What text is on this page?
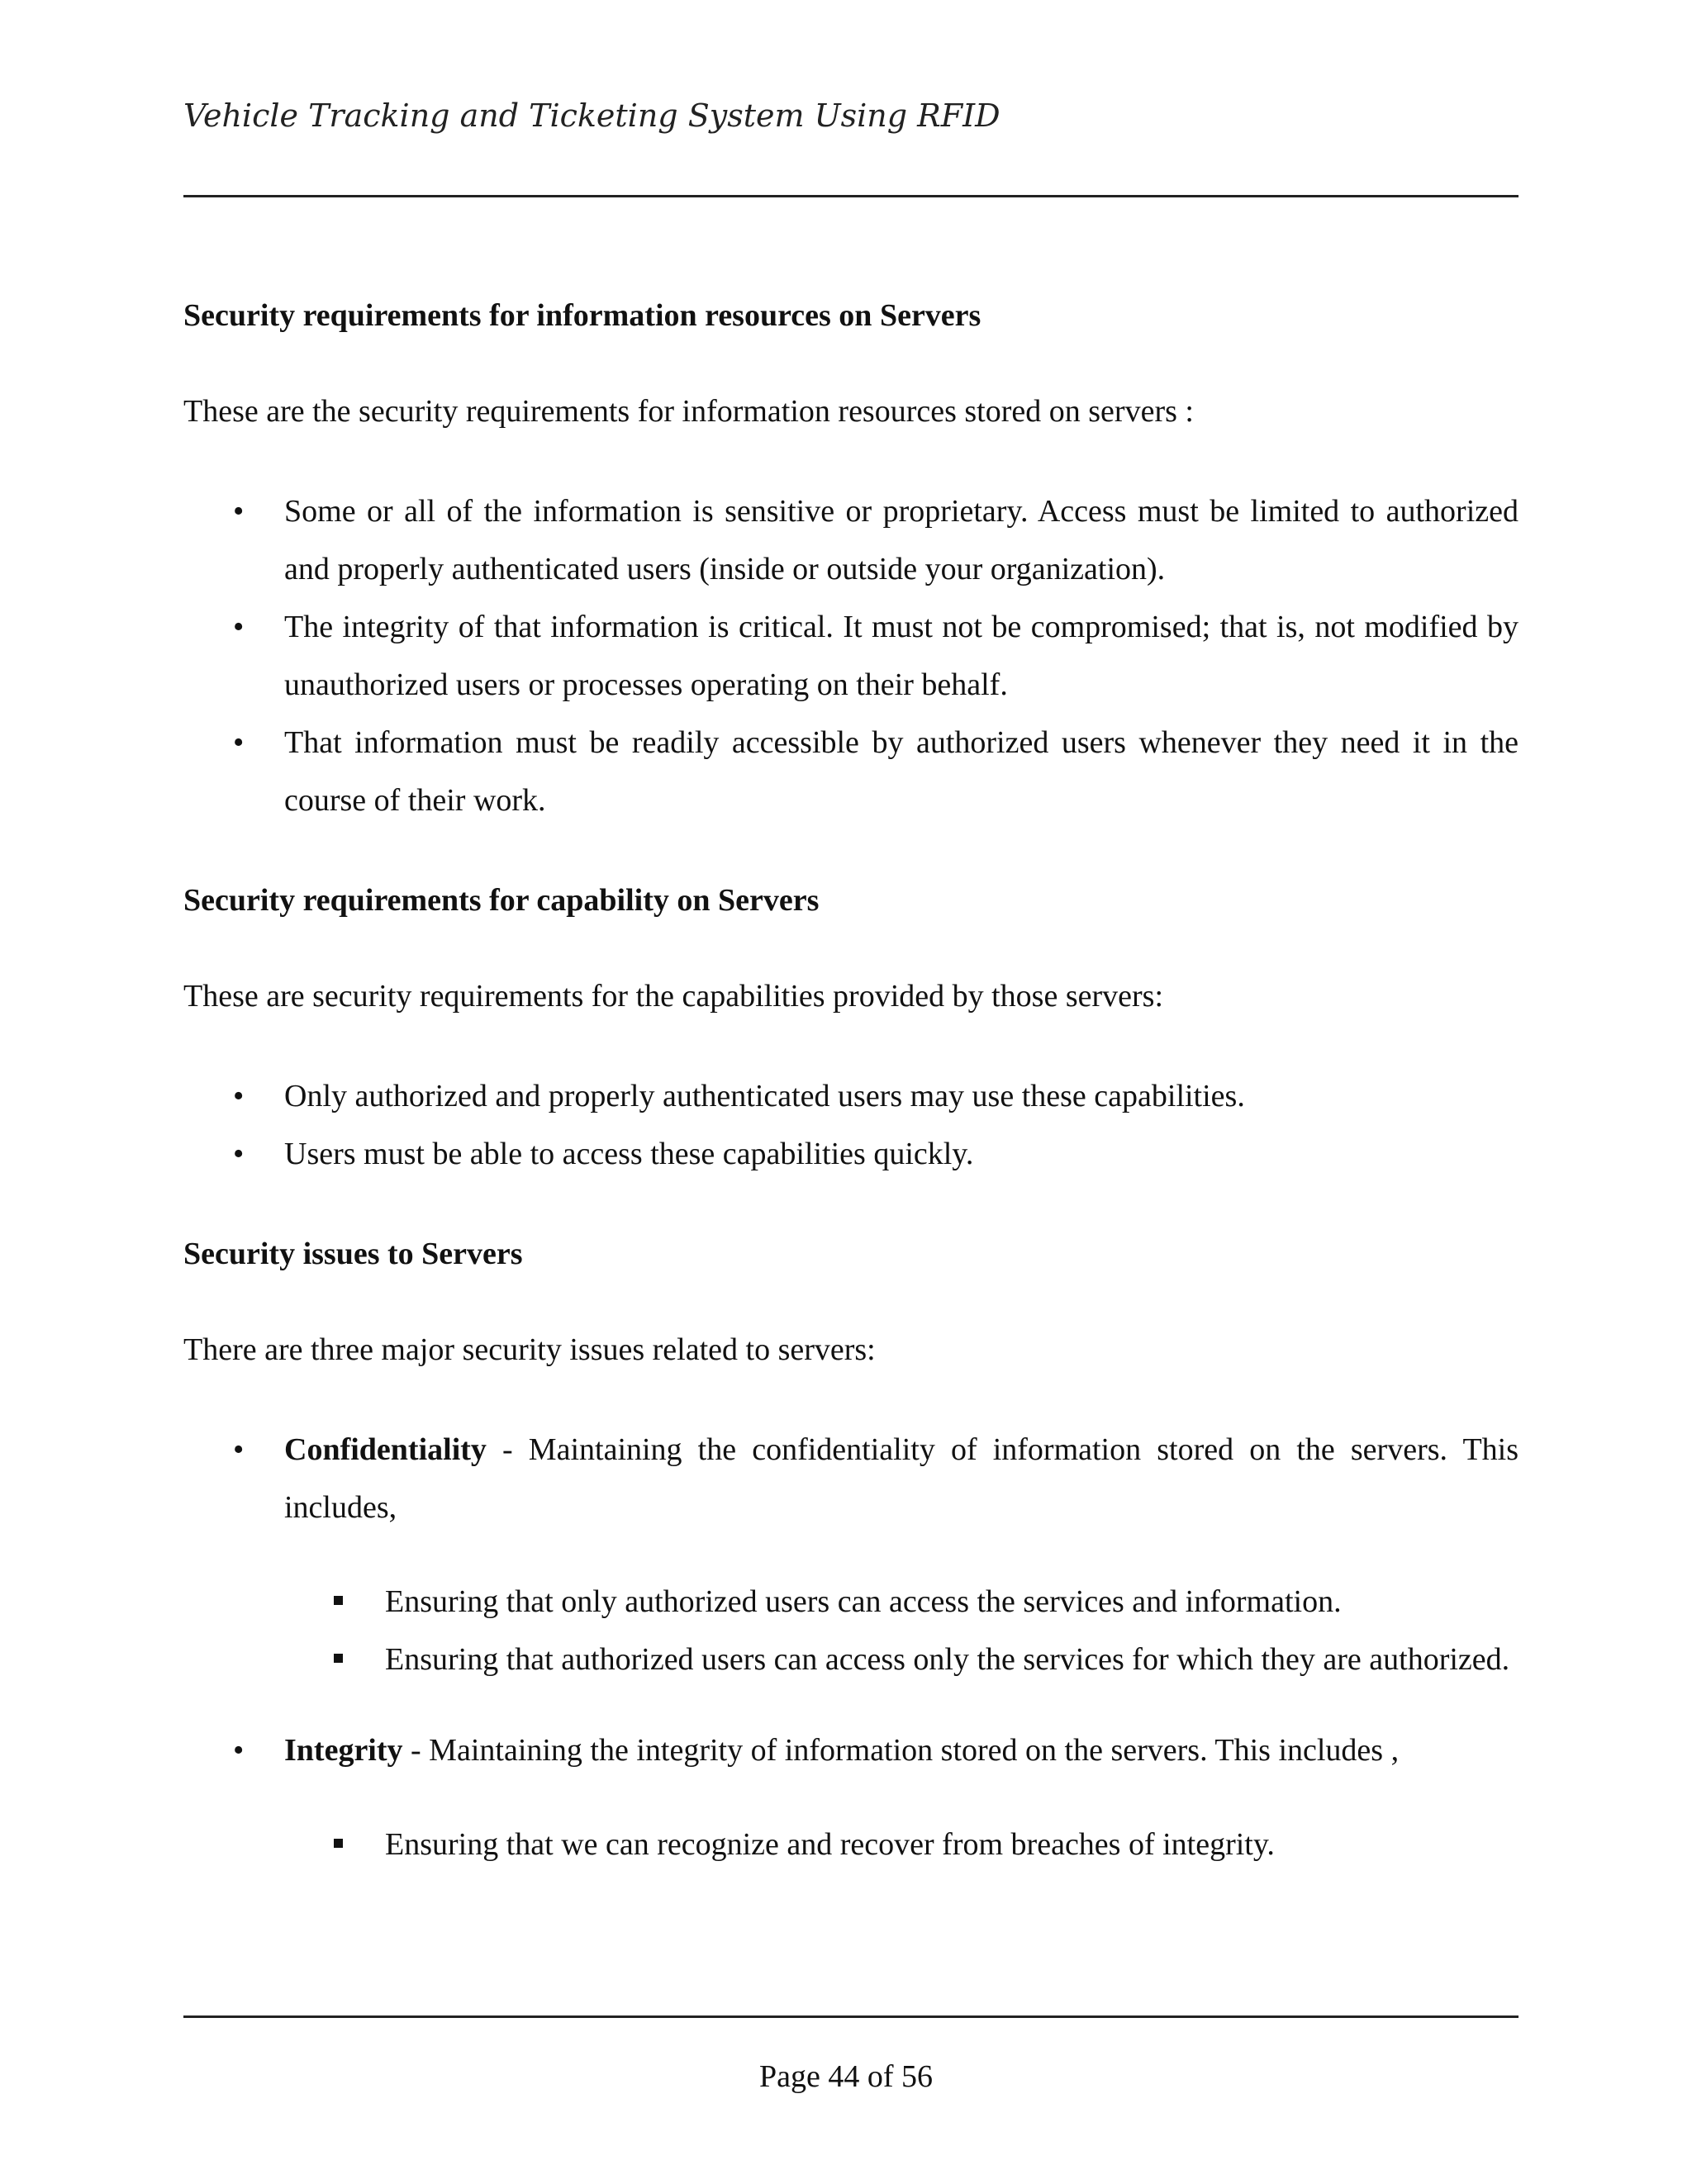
Vehicle Tracking and Ticketing System Using RFID

Security requirements for information resources on Servers

These are the security requirements for information resources stored on servers :

• Some or all of the information is sensitive or proprietary. Access must be limited to authorized and properly authenticated users (inside or outside your organization).
• The integrity of that information is critical. It must not be compromised; that is, not modified by unauthorized users or processes operating on their behalf.
• That information must be readily accessible by authorized users whenever they need it in the course of their work.

Security requirements for capability on Servers

These are security requirements for the capabilities provided by those servers:

• Only authorized and properly authenticated users may use these capabilities.
• Users must be able to access these capabilities quickly.

Security issues to Servers

There are three major security issues related to servers:

• Confidentiality - Maintaining the confidentiality of information stored on the servers. This includes,
Ensuring that only authorized users can access the services and information.
Ensuring that authorized users can access only the services for which they are authorized.
• Integrity - Maintaining the integrity of information stored on the servers. This includes ,
Ensuring that we can recognize and recover from breaches of integrity.
Page 44 of 56
